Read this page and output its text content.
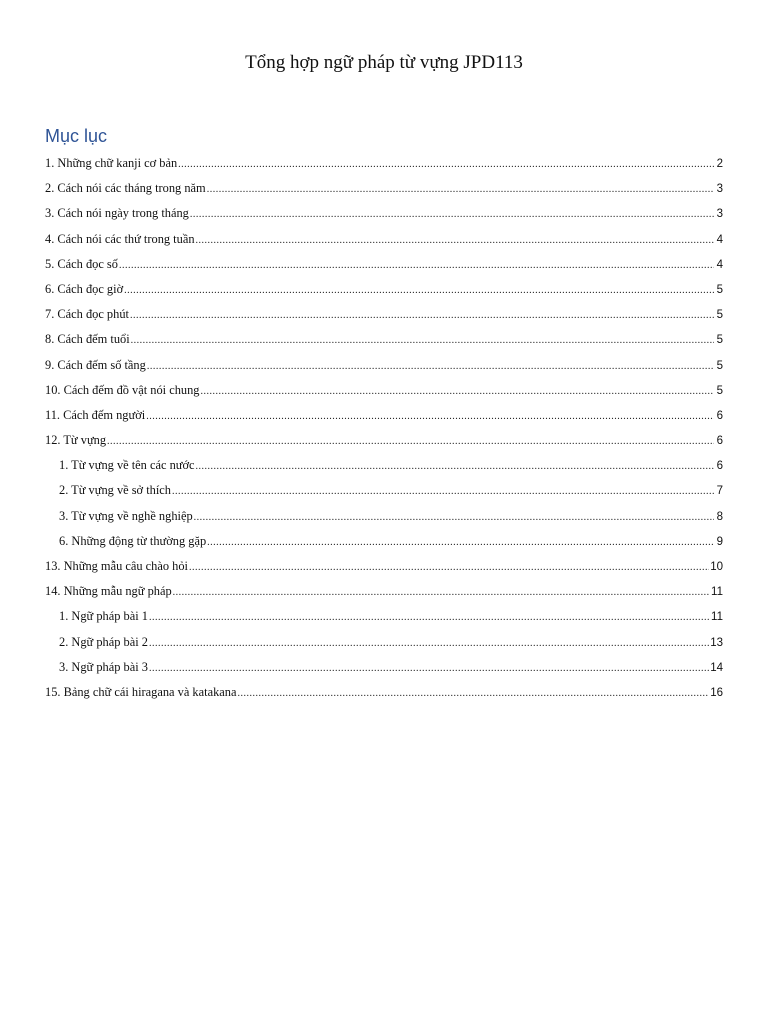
Tổng hợp ngữ pháp từ vựng JPD113
Mục lục
1. Những chữ kanji cơ bản .....	2
2. Cách nói các tháng trong năm .....	3
3. Cách nói ngày trong tháng .....	3
4. Cách nói các thứ trong tuần .....	4
5. Cách đọc số .....	4
6. Cách đọc giờ .....	5
7. Cách đọc phút .....	5
8. Cách đếm tuổi .....	5
9. Cách đếm số tầng .....	5
10. Cách đếm đồ vật nói chung .....	5
11. Cách đếm người .....	6
12. Từ vựng .....	6
1. Từ vựng về tên các nước .....	6
2. Từ vựng về sở thích .....	7
3. Từ vựng về nghề nghiệp .....	8
6. Những động từ thường gặp .....	9
13. Những mẫu câu chào hỏi .....	10
14. Những mẫu ngữ pháp .....	11
1. Ngữ pháp bài 1 .....	11
2. Ngữ pháp bài 2 .....	13
3. Ngữ pháp bài 3 .....	14
15. Bảng chữ cái hiragana và katakana .....	16
